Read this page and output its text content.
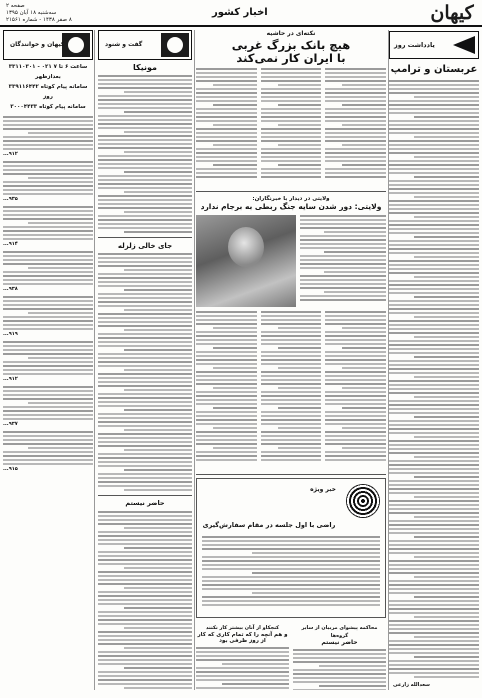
کیهان
اخبار کشور
صفحه ۲
سه‌شنبه ۱۸ آبان ۱۳۹۵
۸ صفر ۱۴۳۸ - شماره ۲۱۵۶۱
یادداشت روز
عربستان و ترامپ
سعدالله زارعی
نکته‌ای در حاشیه
هیچ بانک بزرگ غربی
با ایران کار نمی‌کند
ولایتی در دیدار با خبرنگاران:
ولایتی: دور شدن سایه جنگ ربطی به برجام ندارد
خبر ویژه
راضی با اول جلسه در مقام سفارش‌گیری
محاکمه پیشوای مربیان از سایر گروه‌ها
حاضر نیستم
کنجکاو از آنان بیشتر کار نکنند
و هم آنچه را که تمام کاری که کار از روز ظرفی بود
گفت و شنود
مونیکا
جای خالی زلزله
حاضر نیستم
کیهان و خوانندگان
۳۳۱۱۰۳۰۱ - ۰۲۱ ساعت ۶ تا ۷ بعدازظهر
۳۳۹۱۱۶۴۴۲ سامانه پیام کوتاه روز
سامانه پیام کوتاه ۳۰۰۰۴۴۳۳
...۹۱۲
...۹۳۵
...۹۱۴
...۹۳۸
...۹۱۹
...۹۱۲
...۹۳۷
...۹۱۵
